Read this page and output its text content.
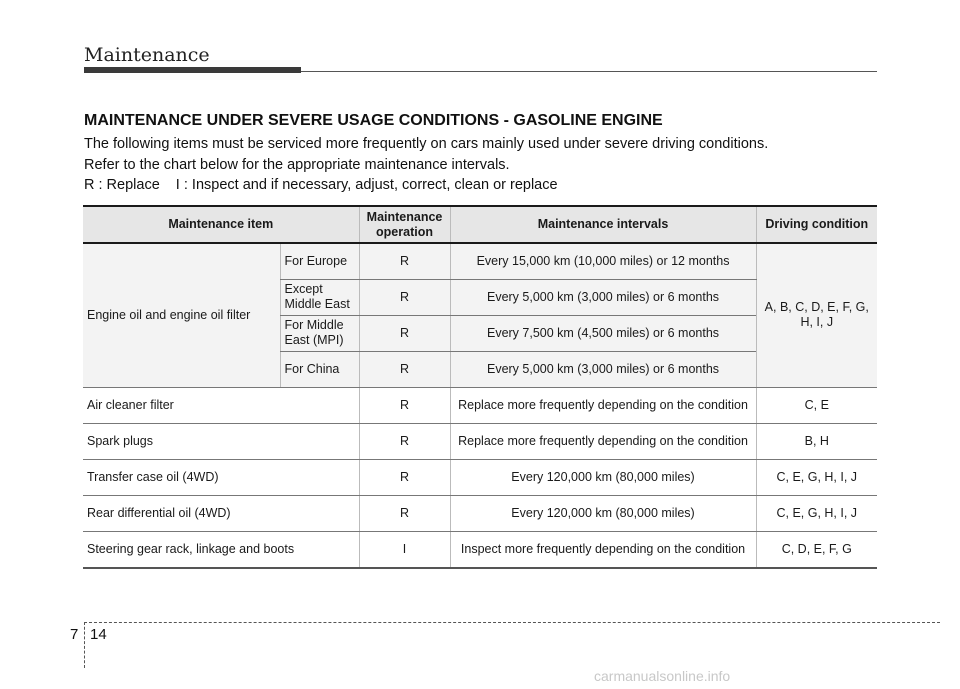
Maintenance
MAINTENANCE UNDER SEVERE USAGE CONDITIONS - GASOLINE ENGINE
The following items must be serviced more frequently on cars mainly used under severe driving conditions.
Refer to the chart below for the appropriate maintenance intervals.
R : Replace I : Inspect and if necessary, adjust, correct, clean or replace
Maintenance item		Maintenance operation	Maintenance intervals	Driving condition
Engine oil and engine oil filter	For Europe	R	Every 15,000 km (10,000 miles) or 12 months	A, B, C, D, E, F, G, H, I, J
	Except Middle East	R	Every 5,000 km (3,000 miles) or 6 months	
	For Middle East (MPI)	R	Every 7,500 km (4,500 miles) or 6 months	
	For China	R	Every 5,000 km (3,000 miles) or 6 months	
Air cleaner filter		R	Replace more frequently depending on the condition	C, E
Spark plugs		R	Replace more frequently depending on the condition	B, H
Transfer case oil (4WD)		R	Every 120,000 km (80,000 miles)	C, E, G, H, I, J
Rear differential oil (4WD)		R	Every 120,000 km (80,000 miles)	C, E, G, H, I, J
Steering gear rack, linkage and boots		I	Inspect more frequently depending on the condition	C, D, E, F, G
7 14
carmanualsonline.info
